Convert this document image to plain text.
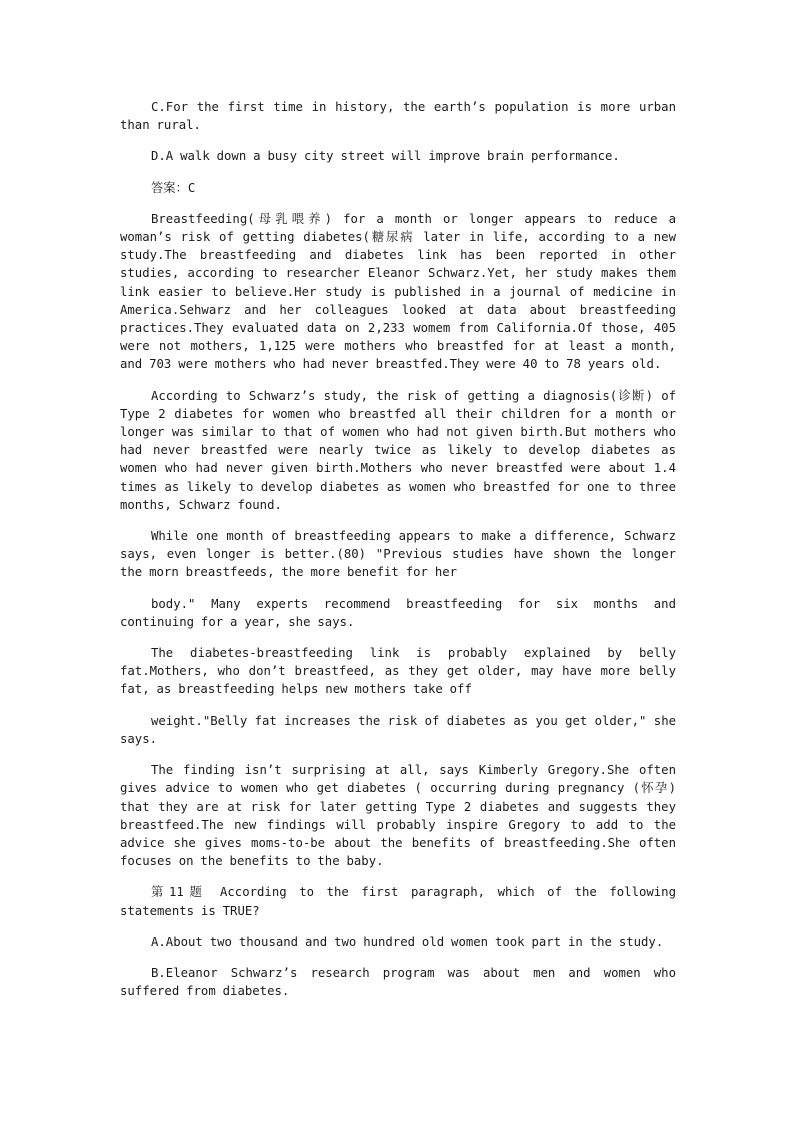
C.For the first time in history, the earth’s population is more urban than rural.

D.A walk down a busy city street will improve brain performance.

答案：C

Breastfeeding(母乳喂养) for a month or longer appears to reduce a woman’s risk of getting diabetes(糖尿病 later in life, according to a new study.The breastfeeding and diabetes link has been reported in other studies, according to researcher Eleanor Schwarz.Yet, her study makes them link easier to believe.Her study is published in a journal of medicine in America.Sehwarz and her colleagues looked at data about breastfeeding practices.They evaluated data on 2,233 womem from California.Of those, 405 were not mothers, 1,125 were mothers who breastfed for at least a month, and 703 were mothers who had never breastfed.They were 40 to 78 years old.

According to Schwarz’s study, the risk of getting a diagnosis(诊断) of Type 2 diabetes for women who breastfed all their children for a month or longer was similar to that of women who had not given birth.But mothers who had never breastfed were nearly twice as likely to develop diabetes as women who had never given birth.Mothers who never breastfed were about 1.4 times as likely to develop diabetes as women who breastfed for one to three months, Schwarz found.

While one month of breastfeeding appears to make a difference, Schwarz says, even longer is better.(80) "Previous studies have shown the longer the morn breastfeeds, the more benefit for her

body." Many experts recommend breastfeeding for six months and continuing for a year, she says.

The diabetes-breastfeeding link is probably explained by belly fat.Mothers, who don’t breastfeed, as they get older, may have more belly fat, as breastfeeding helps new mothers take off

weight."Belly fat increases the risk of diabetes as you get older," she says.

The finding isn’t surprising at all, says Kimberly Gregory.She often gives advice to women who get diabetes ( occurring during pregnancy (怀孕) that they are at risk for later getting Type 2 diabetes and suggests they breastfeed.The new findings will probably inspire Gregory to add to the advice she gives moms-to-be about the benefits of breastfeeding.She often focuses on the benefits to the baby.

第11题 According to the first paragraph, which of the following statements is TRUE?

A.About two thousand and two hundred old women took part in the study.

B.Eleanor Schwarz’s research program was about men and women who suffered from diabetes.
